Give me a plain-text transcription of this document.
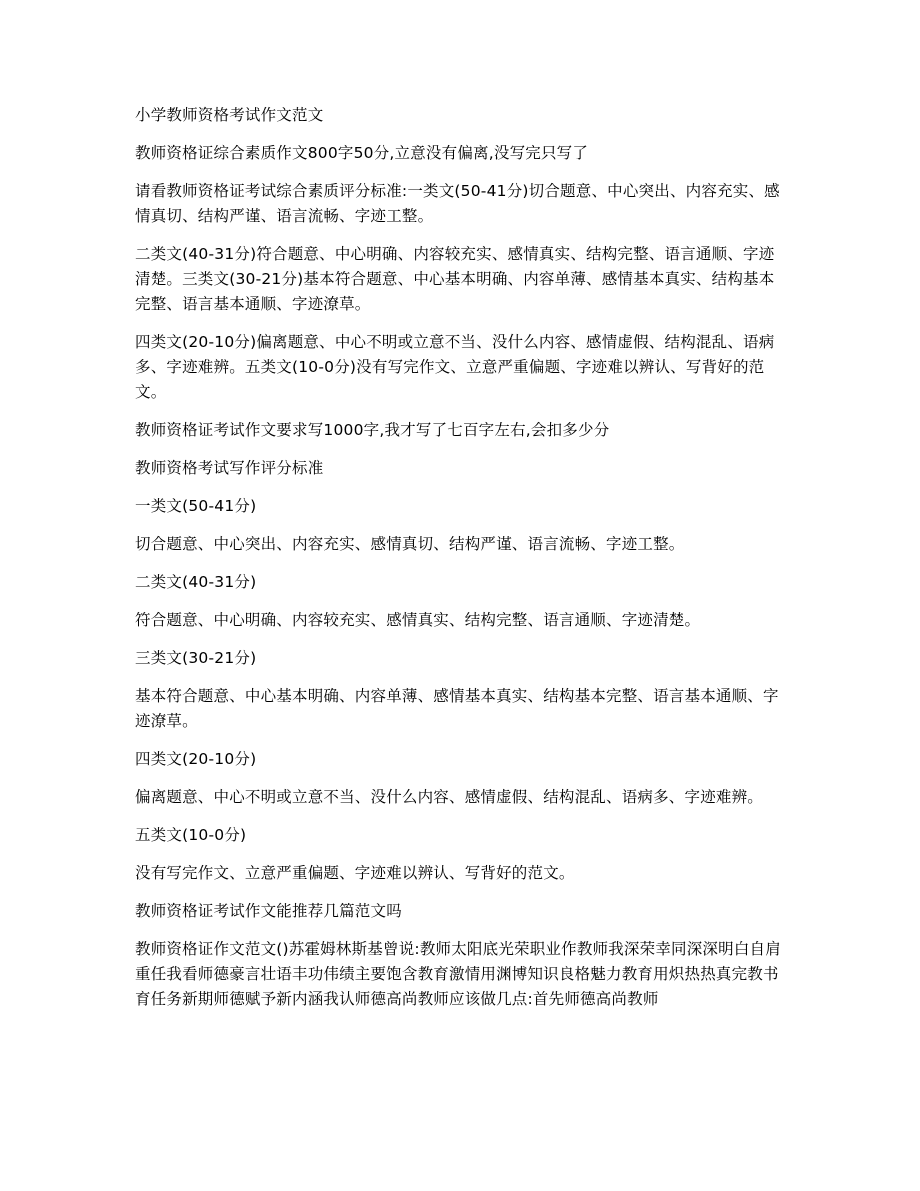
小学教师资格考试作文范文

教师资格证综合素质作文800字50分,立意没有偏离,没写完只写了

请看教师资格证考试综合素质评分标准:一类文(50-41分)切合题意、中心突出、内容充实、感情真切、结构严谨、语言流畅、字迹工整。

二类文(40-31分)符合题意、中心明确、内容较充实、感情真实、结构完整、语言通顺、字迹清楚。三类文(30-21分)基本符合题意、中心基本明确、内容单薄、感情基本真实、结构基本完整、语言基本通顺、字迹潦草。

四类文(20-10分)偏离题意、中心不明或立意不当、没什么内容、感情虚假、结构混乱、语病多、字迹难辨。五类文(10-0分)没有写完作文、立意严重偏题、字迹难以辨认、写背好的范文。

教师资格证考试作文要求写1000字,我才写了七百字左右,会扣多少分

教师资格考试写作评分标准

一类文(50-41分)

切合题意、中心突出、内容充实、感情真切、结构严谨、语言流畅、字迹工整。

二类文(40-31分)

符合题意、中心明确、内容较充实、感情真实、结构完整、语言通顺、字迹清楚。

三类文(30-21分)

基本符合题意、中心基本明确、内容单薄、感情基本真实、结构基本完整、语言基本通顺、字迹潦草。

四类文(20-10分)

偏离题意、中心不明或立意不当、没什么内容、感情虚假、结构混乱、语病多、字迹难辨。

五类文(10-0分)

没有写完作文、立意严重偏题、字迹难以辨认、写背好的范文。

教师资格证考试作文能推荐几篇范文吗

教师资格证作文范文()苏霍姆林斯基曾说:教师太阳底光荣职业作教师我深荣幸同深深明白自肩重任我看师德豪言壮语丰功伟绩主要饱含教育激情用渊博知识良格魅力教育用炽热热真完教书育任务新期师德赋予新内涵我认师德高尚教师应该做几点:首先师德高尚教师
